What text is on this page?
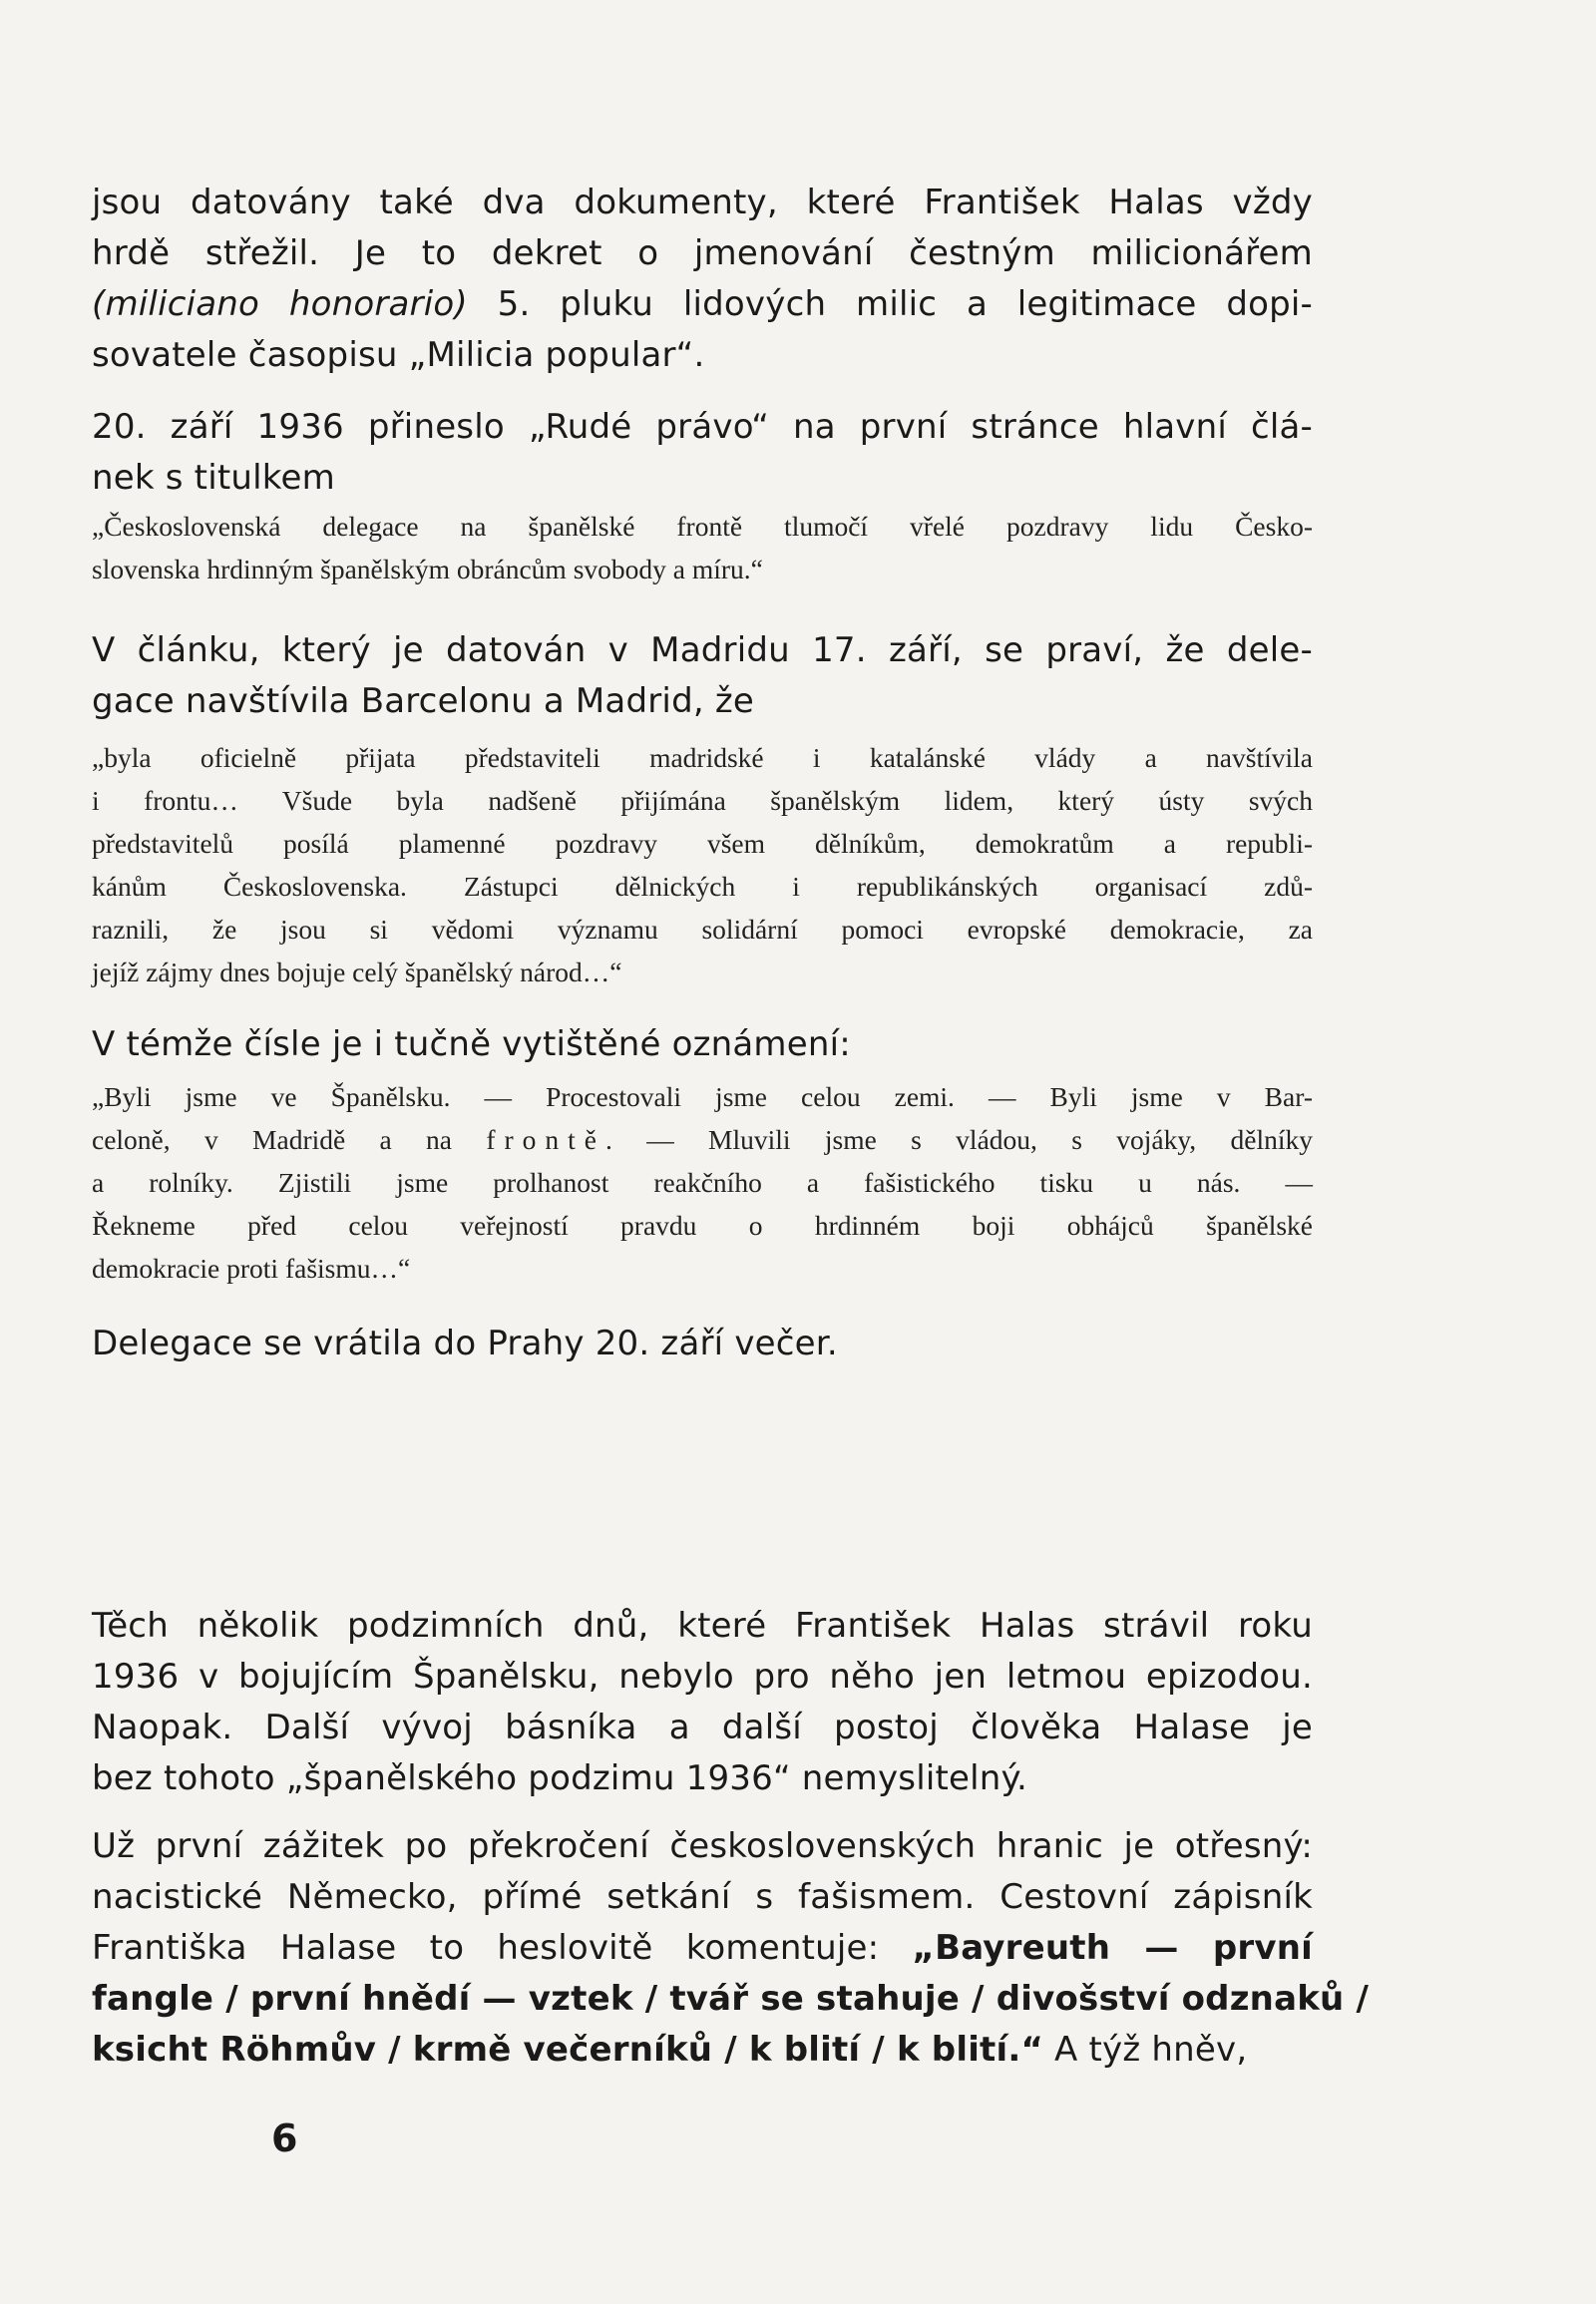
jsou datovány také dva dokumenty, které František Halas vždy
hrdě střežil. Je to dekret o jmenování čestným milicionářem
(miliciano honorario) 5. pluku lidových milic a legitimace dopi-
sovatele časopisu „Milicia popular“.
20. září 1936 přineslo „Rudé právo“ na první stránce hlavní člá-
nek s titulkem
„Československá delegace na španělské frontě tlumočí vřelé pozdravy lidu Česko-
slovenska hrdinným španělským obráncům svobody a míru.“
V článku, který je datován v Madridu 17. září, se praví, že dele-
gace navštívila Barcelonu a Madrid, že
„byla oficielně přijata představiteli madridské i katalánské vlády a navštívila
i frontu… Všude byla nadšeně přijímána španělským lidem, který ústy svých
představitelů posílá plamenné pozdravy všem dělníkům, demokratům a republi-
kánům Československa. Zástupci dělnických i republikánských organisací zdů-
raznili, že jsou si vědomi významu solidární pomoci evropské demokracie, za
jejíž zájmy dnes bojuje celý španělský národ…“
V témže čísle je i tučně vytištěné oznámení:
„Byli jsme ve Španělsku. — Procestovali jsme celou zemi. — Byli jsme v Bar-
celoně, v Madridě a na frontě. — Mluvili jsme s vládou, s vojáky, dělníky
a rolníky. Zjistili jsme prolhanost reakčního a fašistického tisku u nás. —
Řekneme před celou veřejností pravdu o hrdinném boji obhájců španělské
demokracie proti fašismu…“
Delegace se vrátila do Prahy 20. září večer.
Těch několik podzimních dnů, které František Halas strávil roku
1936 v bojujícím Španělsku, nebylo pro něho jen letmou epizodou.
Naopak. Další vývoj básníka a další postoj člověka Halase je
bez tohoto „španělského podzimu 1936“ nemyslitelný.
Už první zážitek po překročení československých hranic je otřesný:
nacistické Německo, přímé setkání s fašismem. Cestovní zápisník
Františka Halase to heslovitě komentuje: „Bayreuth — první
fangle / první hnědí — vztek / tvář se stahuje / divošství odznaků /
ksicht Röhmův / krmě večerníků / k blití / k blití.“ A týž hněv,
6
